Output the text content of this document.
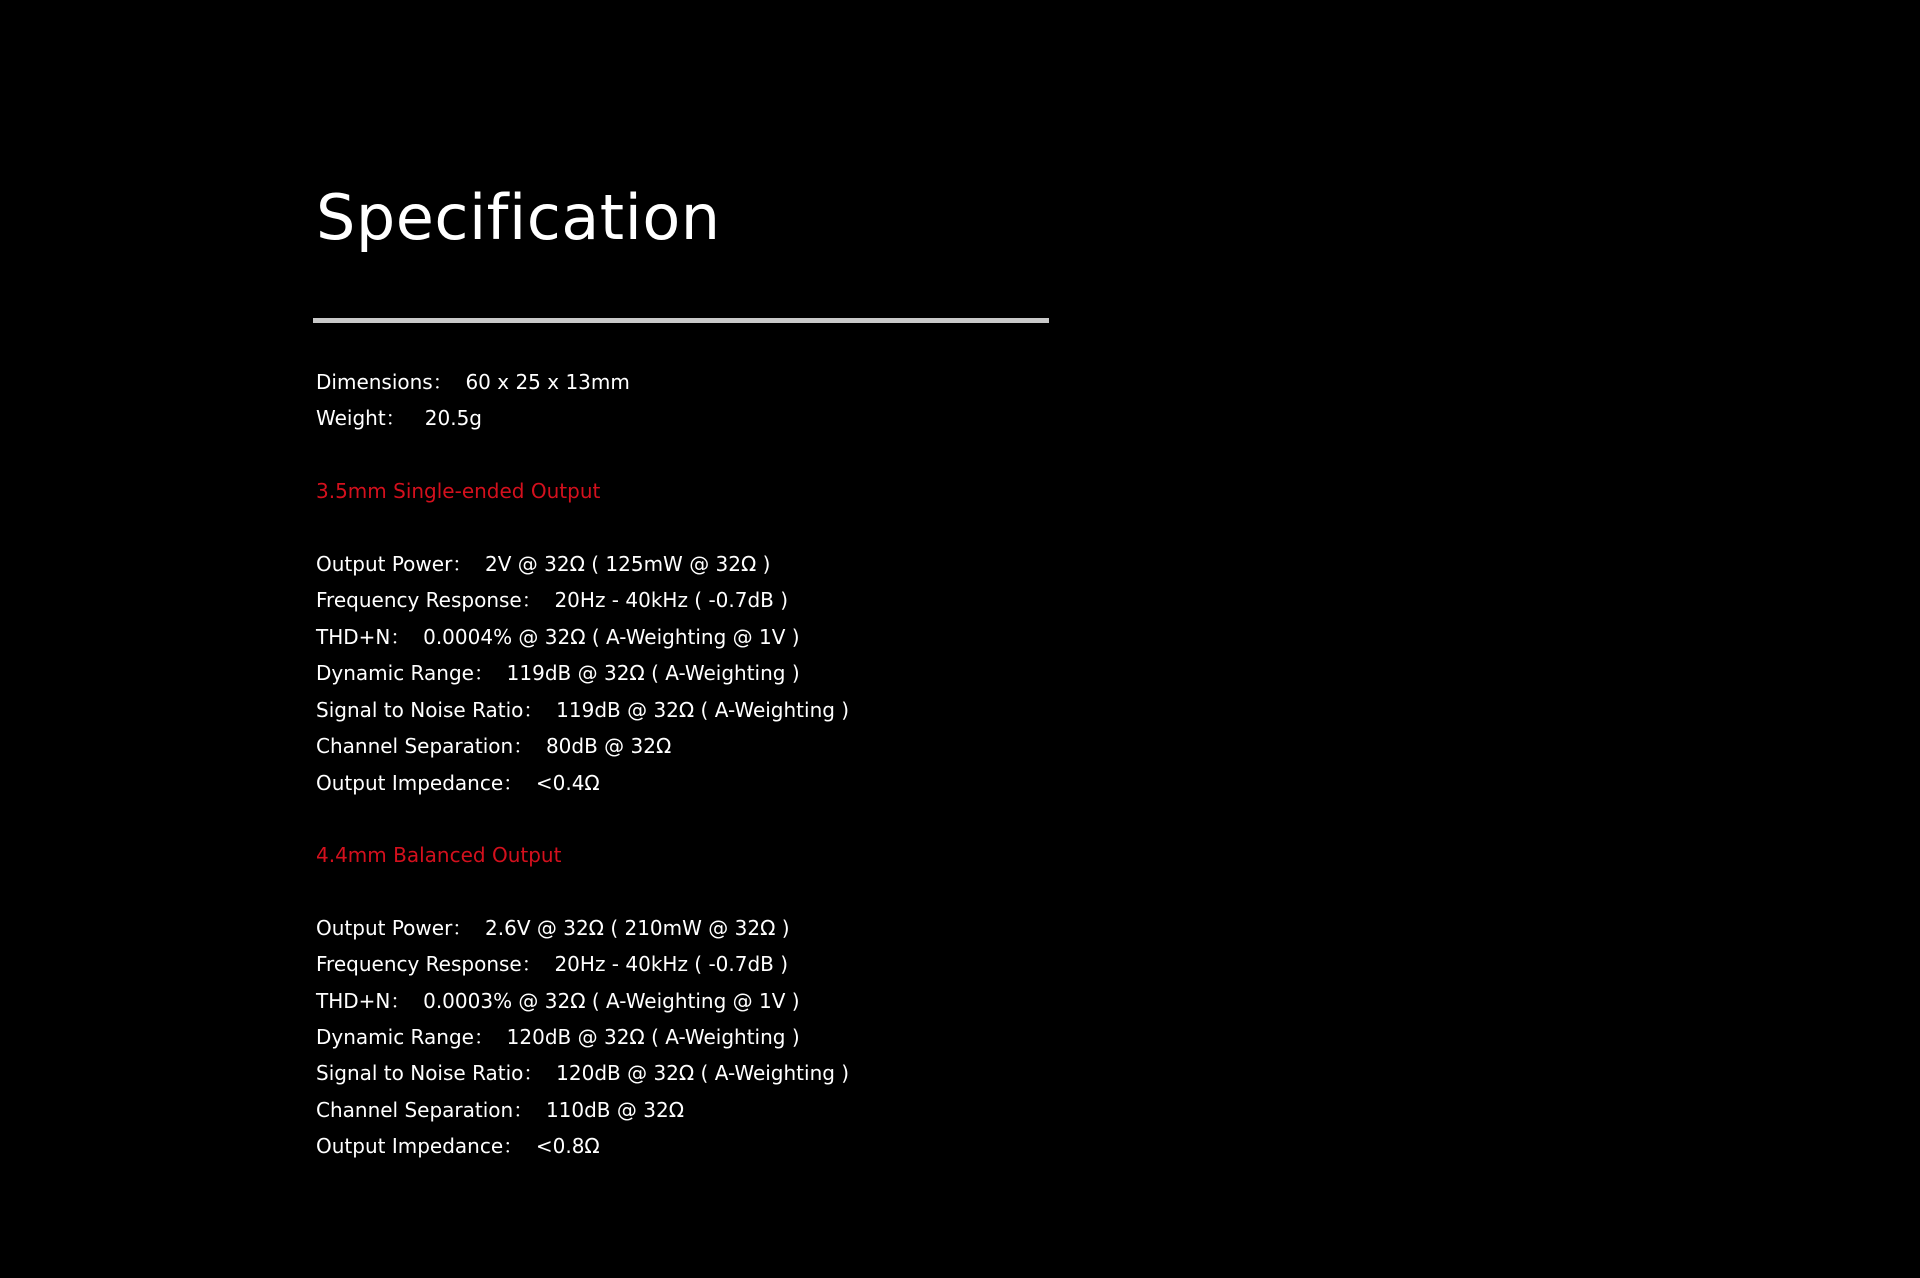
Specification
Dimensions： 60 x 25 x 13mm
Weight： 20.5g
3.5mm Single-ended Output
Output Power： 2V @ 32Ω ( 125mW @ 32Ω )
Frequency Response： 20Hz - 40kHz ( -0.7dB )
THD+N： 0.0004% @ 32Ω ( A-Weighting @ 1V )
Dynamic Range： 119dB @ 32Ω ( A-Weighting )
Signal to Noise Ratio： 119dB @ 32Ω ( A-Weighting )
Channel Separation： 80dB @ 32Ω
Output Impedance： <0.4Ω
4.4mm Balanced Output
Output Power： 2.6V @ 32Ω ( 210mW @ 32Ω )
Frequency Response： 20Hz - 40kHz ( -0.7dB )
THD+N： 0.0003% @ 32Ω ( A-Weighting @ 1V )
Dynamic Range： 120dB @ 32Ω ( A-Weighting )
Signal to Noise Ratio： 120dB @ 32Ω ( A-Weighting )
Channel Separation： 110dB @ 32Ω
Output Impedance： <0.8Ω
